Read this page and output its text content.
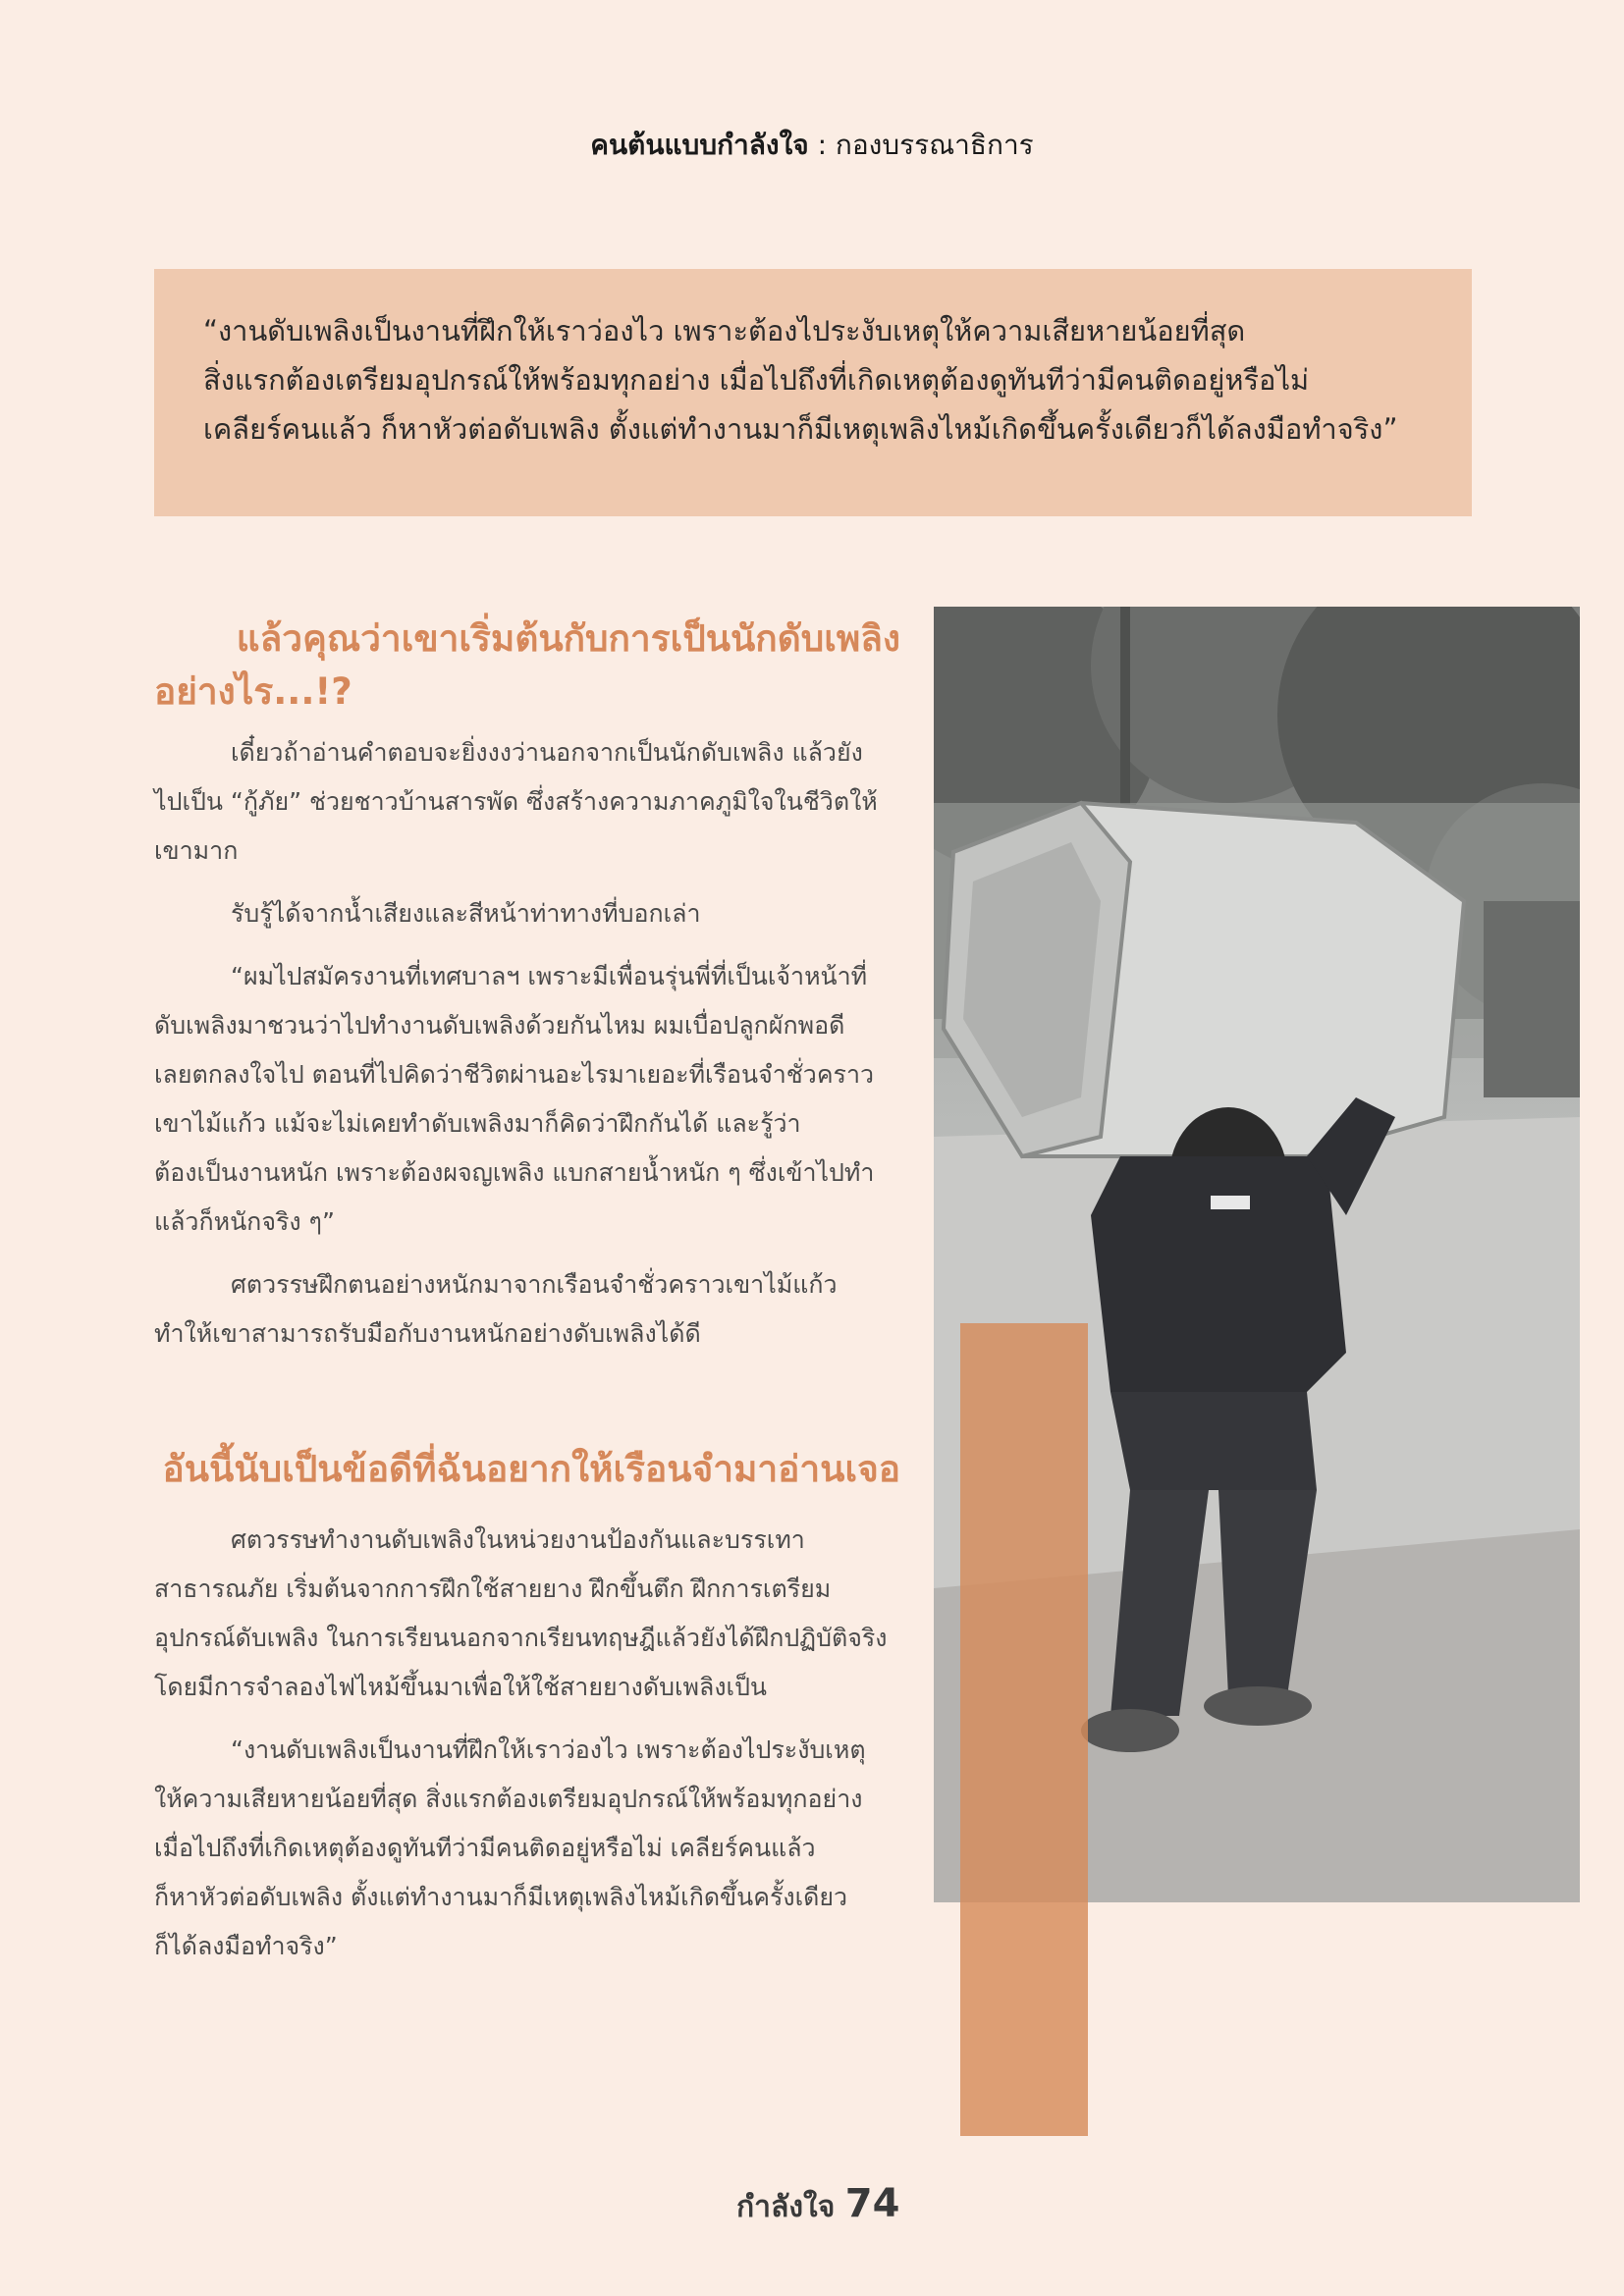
คนต้นแบบกำลังใจ : กองบรรณาธิการ

“งานดับเพลิงเป็นงานที่ฝึกให้เราว่องไว เพราะต้องไประงับเหตุให้ความเสียหายน้อยที่สุด

สิ่งแรกต้องเตรียมอุปกรณ์ให้พร้อมทุกอย่าง เมื่อไปถึงที่เกิดเหตุต้องดูทันทีว่ามีคนติดอยู่หรือไม่

เคลียร์คนแล้ว ก็หาหัวต่อดับเพลิง ตั้งแต่ทำงานมาก็มีเหตุเพลิงไหม้เกิดขึ้นครั้งเดียวก็ได้ลงมือทำจริง”

แล้วคุณว่าเขาเริ่มต้นกับการเป็นนักดับเพลิง
อย่างไร...!?

เดี๋ยวถ้าอ่านคำตอบจะยิ่งงงว่านอกจากเป็นนักดับเพลิง แล้วยัง
ไปเป็น “กู้ภัย” ช่วยชาวบ้านสารพัด ซึ่งสร้างความภาคภูมิใจในชีวิตให้
เขามาก

รับรู้ได้จากน้ำเสียงและสีหน้าท่าทางที่บอกเล่า

“ผมไปสมัครงานที่เทศบาลฯ เพราะมีเพื่อนรุ่นพี่ที่เป็นเจ้าหน้าที่
ดับเพลิงมาชวนว่าไปทำงานดับเพลิงด้วยกันไหม ผมเบื่อปลูกผักพอดี
เลยตกลงใจไป ตอนที่ไปคิดว่าชีวิตผ่านอะไรมาเยอะที่เรือนจำชั่วคราว
เขาไม้แก้ว แม้จะไม่เคยทำดับเพลิงมาก็คิดว่าฝึกกันได้ และรู้ว่า
ต้องเป็นงานหนัก เพราะต้องผจญเพลิง แบกสายน้ำหนัก ๆ ซึ่งเข้าไปทำ
แล้วก็หนักจริง ๆ”

ศตวรรษฝึกตนอย่างหนักมาจากเรือนจำชั่วคราวเขาไม้แก้ว
ทำให้เขาสามารถรับมือกับงานหนักอย่างดับเพลิงได้ดี

อันนี้นับเป็นข้อดีที่ฉันอยากให้เรือนจำมาอ่านเจอ

ศตวรรษทำงานดับเพลิงในหน่วยงานป้องกันและบรรเทา
สาธารณภัย เริ่มต้นจากการฝึกใช้สายยาง ฝึกขึ้นตึก ฝึกการเตรียม
อุปกรณ์ดับเพลิง ในการเรียนนอกจากเรียนทฤษฎีแล้วยังได้ฝึกปฏิบัติจริง
โดยมีการจำลองไฟไหม้ขึ้นมาเพื่อให้ใช้สายยางดับเพลิงเป็น

“งานดับเพลิงเป็นงานที่ฝึกให้เราว่องไว เพราะต้องไประงับเหตุ
ให้ความเสียหายน้อยที่สุด สิ่งแรกต้องเตรียมอุปกรณ์ให้พร้อมทุกอย่าง
เมื่อไปถึงที่เกิดเหตุต้องดูทันทีว่ามีคนติดอยู่หรือไม่ เคลียร์คนแล้ว
ก็หาหัวต่อดับเพลิง ตั้งแต่ทำงานมาก็มีเหตุเพลิงไหม้เกิดขึ้นครั้งเดียว
ก็ได้ลงมือทำจริง”

กำลังใจ 74
